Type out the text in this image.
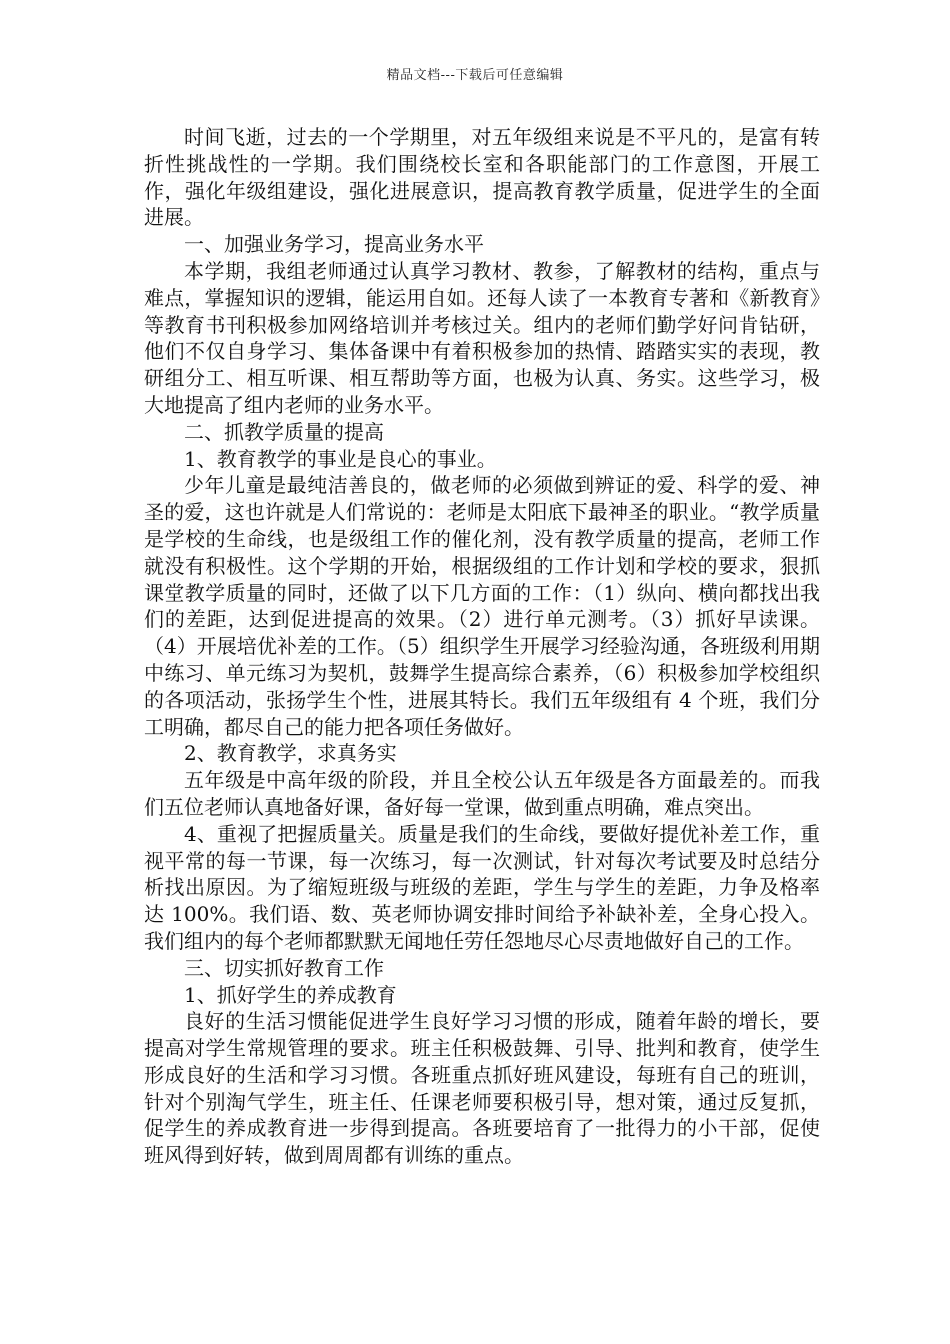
精品文档---下载后可任意编辑

时间飞逝，过去的一个学期里，对五年级组来说是不平凡的，是富有转折性挑战性的一学期。我们围绕校长室和各职能部门的工作意图，开展工作，强化年级组建设，强化进展意识，提高教育教学质量，促进学生的全面进展。

一、加强业务学习，提高业务水平

本学期，我组老师通过认真学习教材、教参，了解教材的结构，重点与难点，掌握知识的逻辑，能运用自如。还每人读了一本教育专著和《新教育》等教育书刊积极参加网络培训并考核过关。组内的老师们勤学好问肯钻研，他们不仅自身学习、集体备课中有着积极参加的热情、踏踏实实的表现，教研组分工、相互听课、相互帮助等方面，也极为认真、务实。这些学习，极大地提高了组内老师的业务水平。

二、抓教学质量的提高

1、教育教学的事业是良心的事业。

少年儿童是最纯洁善良的，做老师的必须做到辨证的爱、科学的爱、神圣的爱，这也许就是人们常说的：老师是太阳底下最神圣的职业。“教学质量是学校的生命线，也是级组工作的催化剂，没有教学质量的提高，老师工作就没有积极性。这个学期的开始，根据级组的工作计划和学校的要求，狠抓课堂教学质量的同时，还做了以下几方面的工作：（1）纵向、横向都找出我们的差距，达到促进提高的效果。（2）进行单元测考。（3）抓好早读课。（4）开展培优补差的工作。（5）组织学生开展学习经验沟通，各班级利用期中练习、单元练习为契机，鼓舞学生提高综合素养，（6）积极参加学校组织的各项活动，张扬学生个性，进展其特长。我们五年级组有 4 个班，我们分工明确，都尽自己的能力把各项任务做好。

2、教育教学，求真务实

五年级是中高年级的阶段，并且全校公认五年级是各方面最差的。而我们五位老师认真地备好课，备好每一堂课，做到重点明确，难点突出。

4、重视了把握质量关。质量是我们的生命线，要做好提优补差工作，重视平常的每一节课，每一次练习，每一次测试，针对每次考试要及时总结分析找出原因。为了缩短班级与班级的差距，学生与学生的差距，力争及格率达 100%。我们语、数、英老师协调安排时间给予补缺补差，全身心投入。我们组内的每个老师都默默无闻地任劳任怨地尽心尽责地做好自己的工作。

三、切实抓好教育工作

1、抓好学生的养成教育

良好的生活习惯能促进学生良好学习习惯的形成，随着年龄的增长，要提高对学生常规管理的要求。班主任积极鼓舞、引导、批判和教育，使学生形成良好的生活和学习习惯。各班重点抓好班风建设，每班有自己的班训，针对个别淘气学生，班主任、任课老师要积极引导，想对策，通过反复抓，促学生的养成教育进一步得到提高。各班要培育了一批得力的小干部，促使班风得到好转，做到周周都有训练的重点。
